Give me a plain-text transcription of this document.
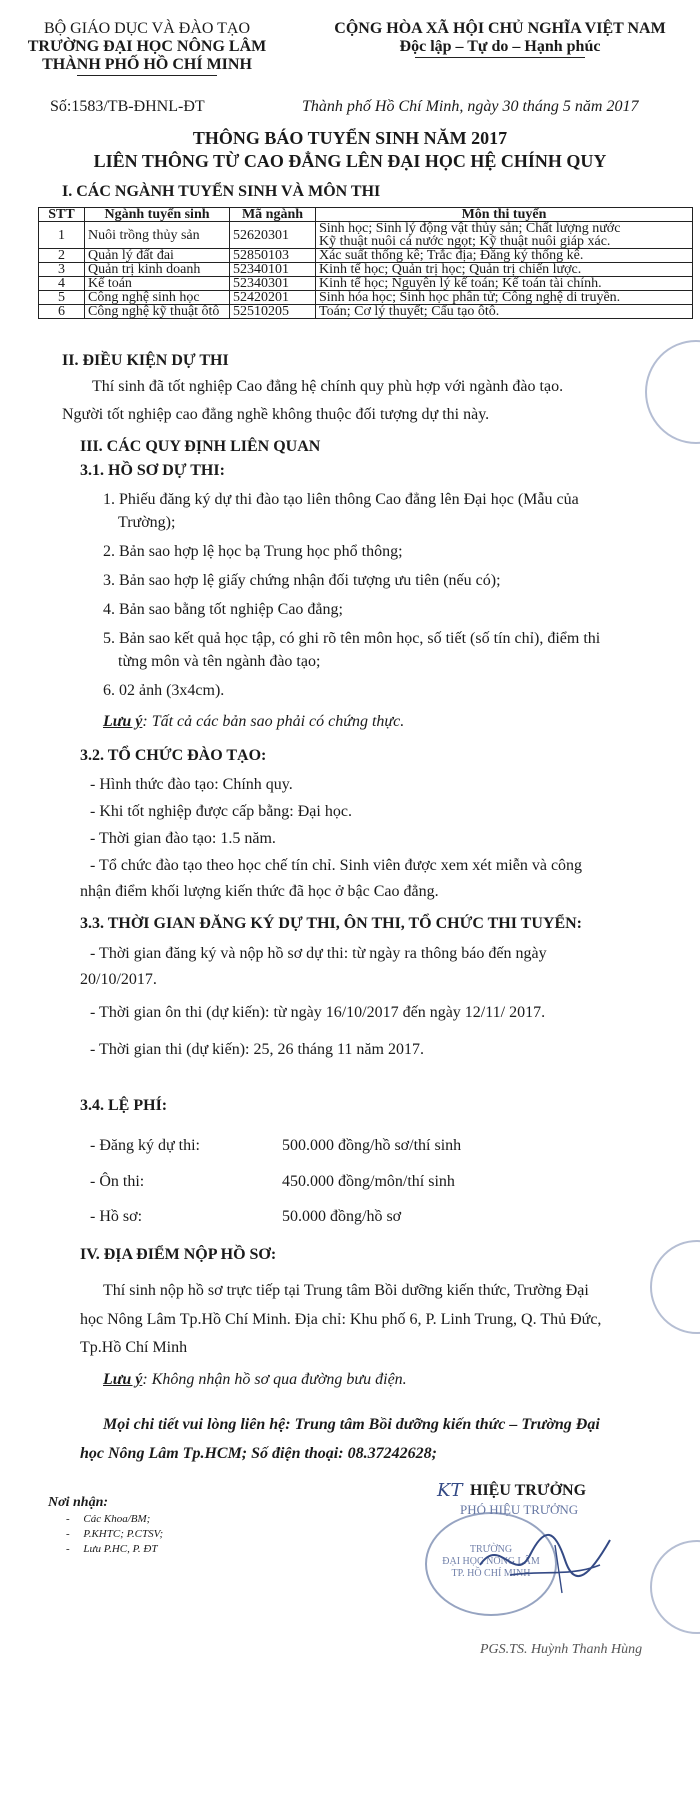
BỘ GIÁO DỤC VÀ ĐÀO TẠO
TRƯỜNG ĐẠI HỌC NÔNG LÂM
THÀNH PHỐ HỒ CHÍ MINH
CỘNG HÒA XÃ HỘI CHỦ NGHĨA VIỆT NAM
Độc lập – Tự do – Hạnh phúc
Số:1583/TB-ĐHNL-ĐT	Thành phố Hồ Chí Minh, ngày 30 tháng 5 năm 2017
THÔNG BÁO TUYỂN SINH NĂM 2017
LIÊN THÔNG TỪ CAO ĐẲNG LÊN ĐẠI HỌC HỆ CHÍNH QUY
I. CÁC NGÀNH TUYỂN SINH VÀ MÔN THI
STT	Ngành tuyển sinh	Mã ngành	Môn thi tuyển
1	Nuôi trồng thủy sản	52620301	Sinh học; Sinh lý động vật thủy sản; Chất lượng nước
Kỹ thuật nuôi cá nước ngọt; Kỹ thuật nuôi giáp xác.

2	Quản lý đất đai	52850103	Xác suất thống kê; Trắc địa; Đăng ký thống kê.
3	Quản trị kinh doanh	52340101	Kinh tế học; Quản trị học; Quản trị chiến lược.
4	Kế toán	52340301	Kinh tế học; Nguyên lý kế toán; Kế toán tài chính.
5	Công nghệ sinh học	52420201	Sinh hóa học; Sinh học phân tử; Công nghệ di truyền.
6	Công nghệ kỹ thuật ôtô	52510205	Toán; Cơ lý thuyết; Cấu tạo ôtô.
II. ĐIỀU KIỆN DỰ THI
Thí sinh đã tốt nghiệp Cao đẳng hệ chính quy phù hợp với ngành đào tạo.
Người tốt nghiệp cao đẳng nghề không thuộc đối tượng dự thi này.
III. CÁC QUY ĐỊNH LIÊN QUAN
3.1. HỒ SƠ DỰ THI:
1. Phiếu đăng ký dự thi đào tạo liên thông Cao đẳng lên Đại học (Mẫu của
Trường);
2. Bản sao hợp lệ học bạ Trung học phổ thông;
3. Bản sao hợp lệ giấy chứng nhận đối tượng ưu tiên (nếu có);
4. Bản sao bằng tốt nghiệp Cao đẳng;
5. Bản sao kết quả học tập, có ghi rõ tên môn học, số tiết (số tín chỉ), điểm thi
từng môn và tên ngành đào tạo;
6. 02 ảnh (3x4cm).
Lưu ý: Tất cả các bản sao phải có chứng thực.
3.2. TỔ CHỨC ĐÀO TẠO:
- Hình thức đào tạo: Chính quy.
- Khi tốt nghiệp được cấp bằng: Đại học.
- Thời gian đào tạo: 1.5 năm.
- Tổ chức đào tạo theo học chế tín chỉ. Sinh viên được xem xét miễn và công
nhận điểm khối lượng kiến thức đã học ở bậc Cao đẳng.
3.3. THỜI GIAN ĐĂNG KÝ DỰ THI, ÔN THI, TỔ CHỨC THI TUYỂN:
- Thời gian đăng ký và nộp hồ sơ dự thi: từ ngày ra thông báo đến ngày
20/10/2017.
- Thời gian ôn thi (dự kiến): từ ngày 16/10/2017 đến ngày 12/11/ 2017.
- Thời gian thi (dự kiến): 25, 26 tháng 11 năm 2017.
3.4. LỆ PHÍ:
- Đăng ký dự thi:	500.000 đồng/hồ sơ/thí sinh
- Ôn thi:	450.000 đồng/môn/thí sinh
- Hồ sơ:	50.000 đồng/hồ sơ
IV. ĐỊA ĐIỂM NỘP HỒ SƠ:
Thí sinh nộp hồ sơ trực tiếp tại Trung tâm Bồi dưỡng kiến thức, Trường Đại
học Nông Lâm Tp.Hồ Chí Minh. Địa chỉ: Khu phố 6, P. Linh Trung, Q. Thủ Đức,
Tp.Hồ Chí Minh
Lưu ý: Không nhận hồ sơ qua đường bưu điện.
Mọi chi tiết vui lòng liên hệ: Trung tâm Bồi dưỡng kiến thức – Trường Đại
học Nông Lâm Tp.HCM; Số điện thoại: 08.37242628;
Nơi nhận:
-     Các Khoa/BM;
-     P.KHTC; P.CTSV;
-     Lưu P.HC, P. ĐT
KT HIỆU TRƯỞNG
PHÓ HIỆU TRƯỞNG
TRƯỜNG
ĐẠI HỌC NÔNG LÂM
TP. HỒ CHÍ MINH
PGS.TS. Huỳnh Thanh Hùng
